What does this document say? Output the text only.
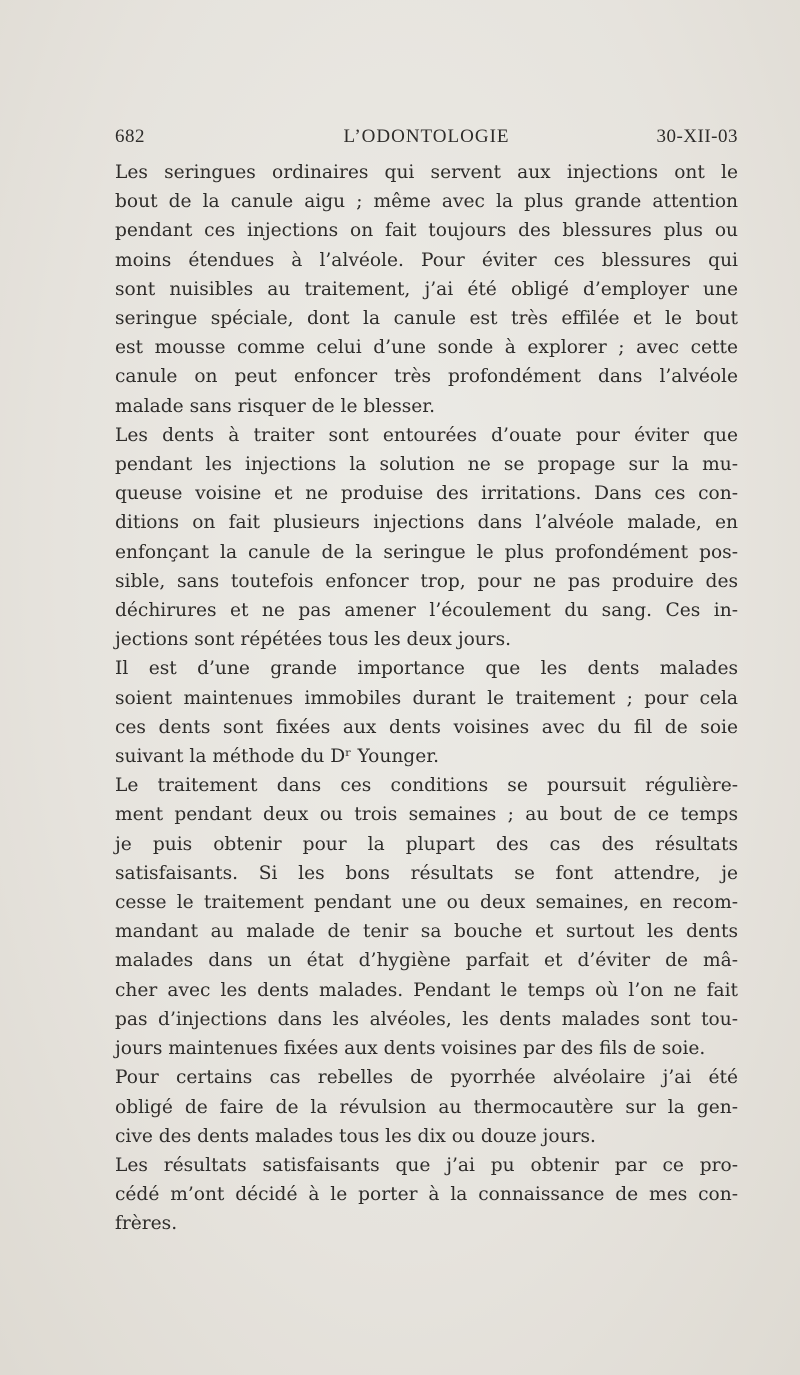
682	L’ODONTOLOGIE	30-XII-03

Les seringues ordinaires qui servent aux injections ont le
bout de la canule aigu ; même avec la plus grande attention
pendant ces injections on fait toujours des blessures plus ou
moins étendues à l’alvéole. Pour éviter ces blessures qui
sont nuisibles au traitement, j’ai été obligé d’employer une
seringue spéciale, dont la canule est très effilée et le bout
est mousse comme celui d’une sonde à explorer ; avec cette
canule on peut enfoncer très profondément dans l’alvéole
malade sans risquer de le blesser.

Les dents à traiter sont entourées d’ouate pour éviter que
pendant les injections la solution ne se propage sur la mu-
queuse voisine et ne produise des irritations. Dans ces con-
ditions on fait plusieurs injections dans l’alvéole malade, en
enfonçant la canule de la seringue le plus profondément pos-
sible, sans toutefois enfoncer trop, pour ne pas produire des
déchirures et ne pas amener l’écoulement du sang. Ces in-
jections sont répétées tous les deux jours.

Il est d’une grande importance que les dents malades
soient maintenues immobiles durant le traitement ; pour cela
ces dents sont fixées aux dents voisines avec du fil de soie
suivant la méthode du Dʳ Younger.

Le traitement dans ces conditions se poursuit régulière-
ment pendant deux ou trois semaines ; au bout de ce temps
je puis obtenir pour la plupart des cas des résultats
satisfaisants. Si les bons résultats se font attendre, je
cesse le traitement pendant une ou deux semaines, en recom-
mandant au malade de tenir sa bouche et surtout les dents
malades dans un état d’hygiène parfait et d’éviter de mâ-
cher avec les dents malades. Pendant le temps où l’on ne fait
pas d’injections dans les alvéoles, les dents malades sont tou-
jours maintenues fixées aux dents voisines par des fils de soie.

Pour certains cas rebelles de pyorrhée alvéolaire j’ai été
obligé de faire de la révulsion au thermocautère sur la gen-
cive des dents malades tous les dix ou douze jours.

Les résultats satisfaisants que j’ai pu obtenir par ce pro-
cédé m’ont décidé à le porter à la connaissance de mes con-
frères.
